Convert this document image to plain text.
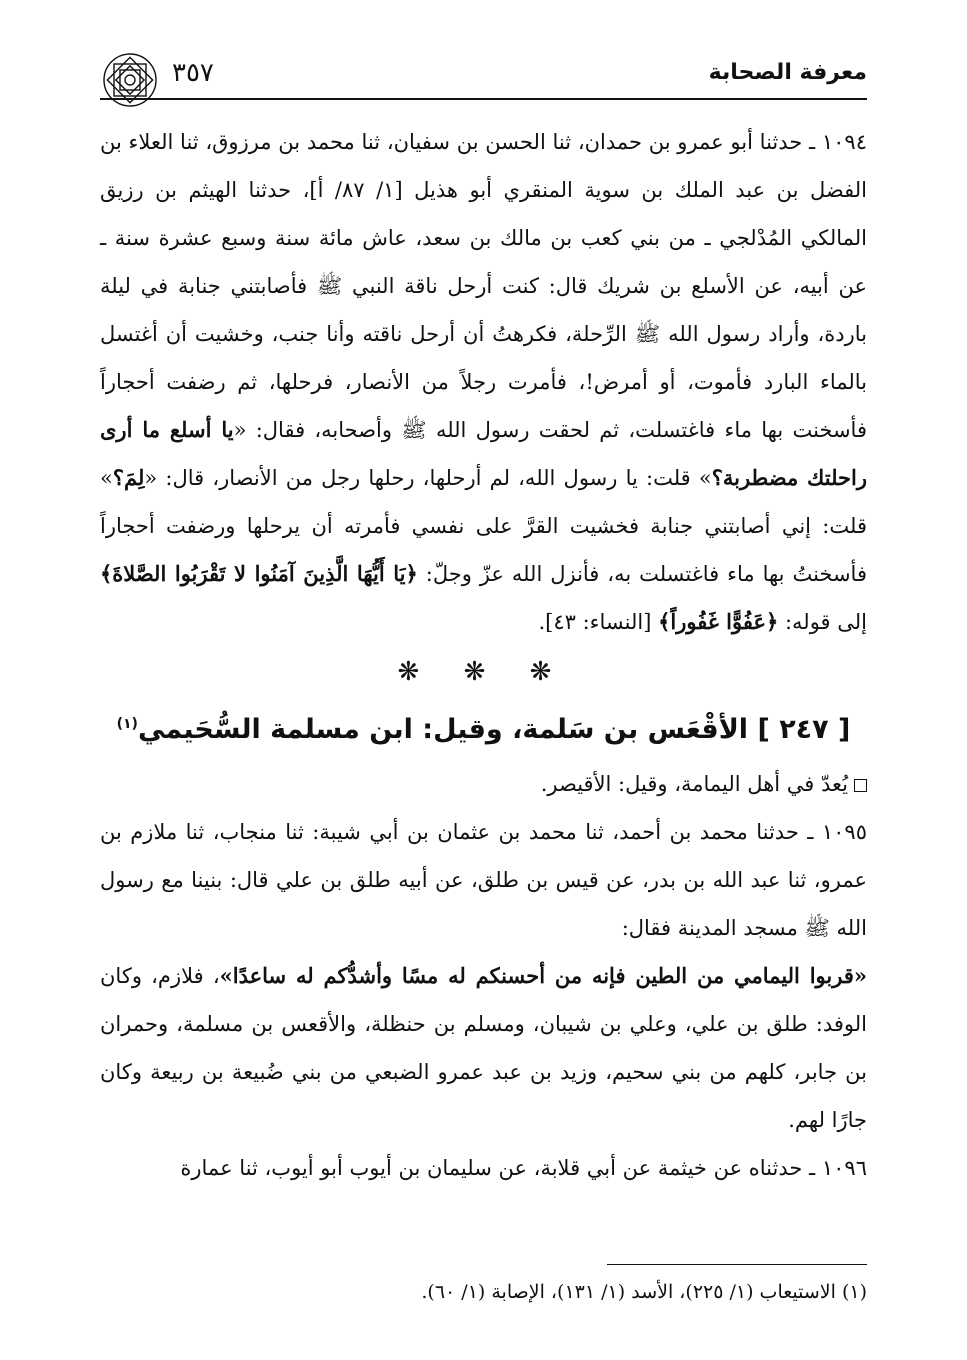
معرفة الصحابة
٣٥٧

١٠٩٤ ـ حدثنا أبو عمرو بن حمدان، ثنا الحسن بن سفيان، ثنا محمد بن مرزوق، ثنا العلاء بن الفضل بن عبد الملك بن سوية المنقري أبو هذيل [١/ ٨٧/ أ]، حدثنا الهيثم بن رزيق المالكي المُدْلجي ـ من بني كعب بن مالك بن سعد، عاش مائة سنة وسبع عشرة سنة ـ عن أبيه، عن الأسلع بن شريك قال: كنت أرحل ناقة النبي ﷺ فأصابتني جنابة في ليلة باردة، وأراد رسول الله ﷺ الرِّحلة، فكرهتُ أن أرحل ناقته وأنا جنب، وخشيت أن أغتسل بالماء البارد فأموت، أو أمرض!، فأمرت رجلاً من الأنصار، فرحلها، ثم رضفت أحجاراً فأسخنت بها ماء فاغتسلت، ثم لحقت رسول الله ﷺ وأصحابه، فقال: «يا أسلع ما أرى راحلتك مضطربة؟» قلت: يا رسول الله، لم أرحلها، رحلها رجل من الأنصار، قال: «لِمَ؟» قلت: إني أصابتني جنابة فخشيت القرَّ على نفسي فأمرته أن يرحلها ورضفت أحجاراً فأسخنتُ بها ماء فاغتسلت به، فأنزل الله عزّ وجلّ: ﴿يَا أَيُّهَا الَّذِينَ آمَنُوا لا تَقْرَبُوا الصَّلاةَ﴾ إلى قوله: ﴿عَفُوًّا غَفُوراً﴾ [النساء: ٤٣].

❋ ❋ ❋
[ ٢٤٧ ] الأقْعَس بن سَلمة، وقيل: ابن مسلمة السُّحَيمي$^{(١)}$

يُعدّ في أهل اليمامة، وقيل: الأقيصر.

١٠٩٥ ـ حدثنا محمد بن أحمد، ثنا محمد بن عثمان بن أبي شيبة: ثنا منجاب، ثنا ملازم بن عمرو، ثنا عبد الله بن بدر، عن قيس بن طلق، عن أبيه طلق بن علي قال: بنينا مع رسول الله ﷺ مسجد المدينة فقال:

«قربوا اليمامي من الطين فإنه من أحسنكم له مسًا وأشدُّكم له ساعدًا»، فلازم، وكان الوفد: طلق بن علي، وعلي بن شيبان، ومسلم بن حنظلة، والأقعس بن مسلمة، وحمران بن جابر، كلهم من بني سحيم، وزيد بن عبد عمرو الضبعي من بني ضُبيعة بن ربيعة وكان جارًا لهم.

١٠٩٦ ـ حدثناه عن خيثمة عن أبي قلابة، عن سليمان بن أيوب أبو أيوب، ثنا عمارة

(١) الاستيعاب (١/ ٢٢٥)، الأسد (١/ ١٣١)، الإصابة (١/ ٦٠).
